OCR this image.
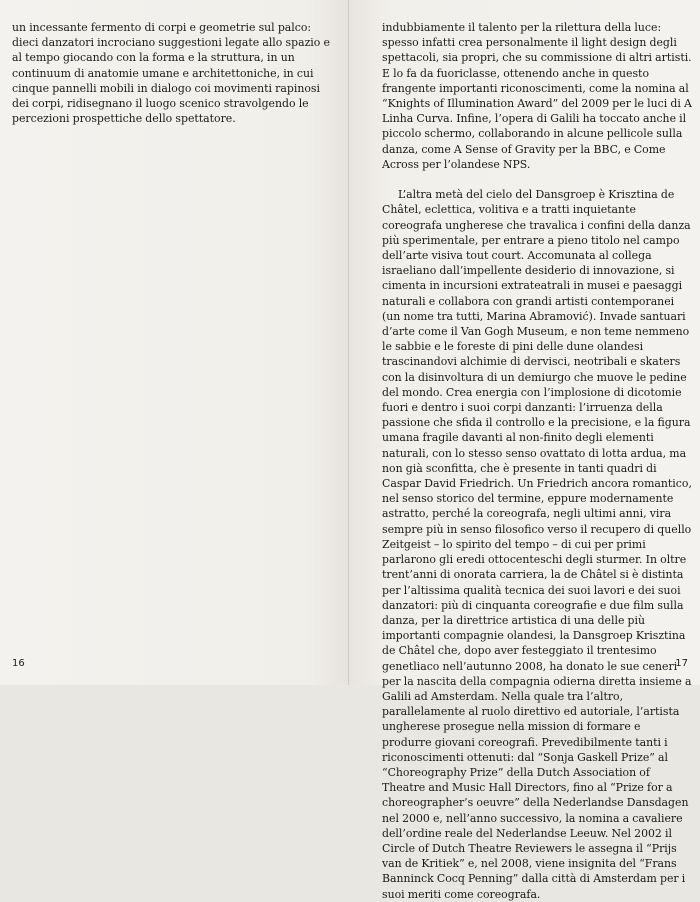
un incessante fermento di corpi e geometrie sul palco: dieci danzatori incrociano suggestioni legate allo spazio e al tempo giocando con la forma e la struttura, in un continuum di anatomie umane e architettoniche, in cui cinque pannelli mobili in dialogo coi movimenti rapinosi dei corpi, ridisegnano il luogo scenico stravolgendo le percezioni prospettiche dello spettatore.

16

indubbiamente il talento per la rilettura della luce: spesso infatti crea personalmente il light design degli spettacoli, sia propri, che su commissione di altri artisti. E lo fa da fuoriclasse, ottenendo anche in questo frangente importanti riconoscimenti, come la nomina al “Knights of Illumination Award” del 2009 per le luci di A Linha Curva. Infine, l’opera di Galili ha toccato anche il piccolo schermo, collaborando in alcune pellicole sulla danza, come A Sense of Gravity per la BBC, e Come Across per l’olandese NPS.

L’altra metà del cielo del Dansgroep è Krisztina de Châtel, eclettica, volitiva e a tratti inquietante coreografa ungherese che travalica i confini della danza più sperimentale, per entrare a pieno titolo nel campo dell’arte visiva tout court. Accomunata al collega israeliano dall’impellente desiderio di innovazione, si cimenta in incursioni extrateatrali in musei e paesaggi naturali e collabora con grandi artisti contemporanei (un nome tra tutti, Marina Abramović). Invade santuari d’arte come il Van Gogh Museum, e non teme nemmeno le sabbie e le foreste di pini delle dune olandesi trascinandovi alchimie di dervisci, neotribali e skaters con la disinvoltura di un demiurgo che muove le pedine del mondo. Crea energia con l’implosione di dicotomie fuori e dentro i suoi corpi danzanti: l’irruenza della passione che sfida il controllo e la precisione, e la figura umana fragile davanti al non-finito degli elementi naturali, con lo stesso senso ovattato di lotta ardua, ma non già sconfitta, che è presente in tanti quadri di Caspar David Friedrich. Un Friedrich ancora romantico, nel senso storico del termine, eppure modernamente astratto, perché la coreografa, negli ultimi anni, vira sempre più in senso filosofico verso il recupero di quello Zeitgeist – lo spirito del tempo – di cui per primi parlarono gli eredi ottocenteschi degli sturmer. In oltre trent’anni di onorata carriera, la de Châtel si è distinta per l’altissima qualità tecnica dei suoi lavori e dei suoi danzatori: più di cinquanta coreografie e due film sulla danza, per la direttrice artistica di una delle più importanti compagnie olandesi, la Dansgroep Krisztina de Châtel che, dopo aver festeggiato il trentesimo genetliaco nell’autunno 2008, ha donato le sue ceneri per la nascita della compagnia odierna diretta insieme a Galili ad Amsterdam. Nella quale tra l’altro, parallelamente al ruolo direttivo ed autoriale, l’artista ungherese prosegue nella mission di formare e produrre giovani coreografi. Prevedibilmente tanti i riconoscimenti ottenuti: dal “Sonja Gaskell Prize” al “Choreography Prize” della Dutch Association of Theatre and Music Hall Directors, fino al “Prize for a choreographer’s oeuvre” della Nederlandse Dansdagen nel 2000 e, nell’anno successivo, la nomina a cavaliere dell’ordine reale del Nederlandse Leeuw. Nel 2002 il Circle of Dutch Theatre Reviewers le assegna il “Prijs van de Kritiek” e, nel 2008, viene insignita del “Frans Banninck Cocq Penning” dalla città di Amsterdam per i suoi meriti come coreografa.

17
